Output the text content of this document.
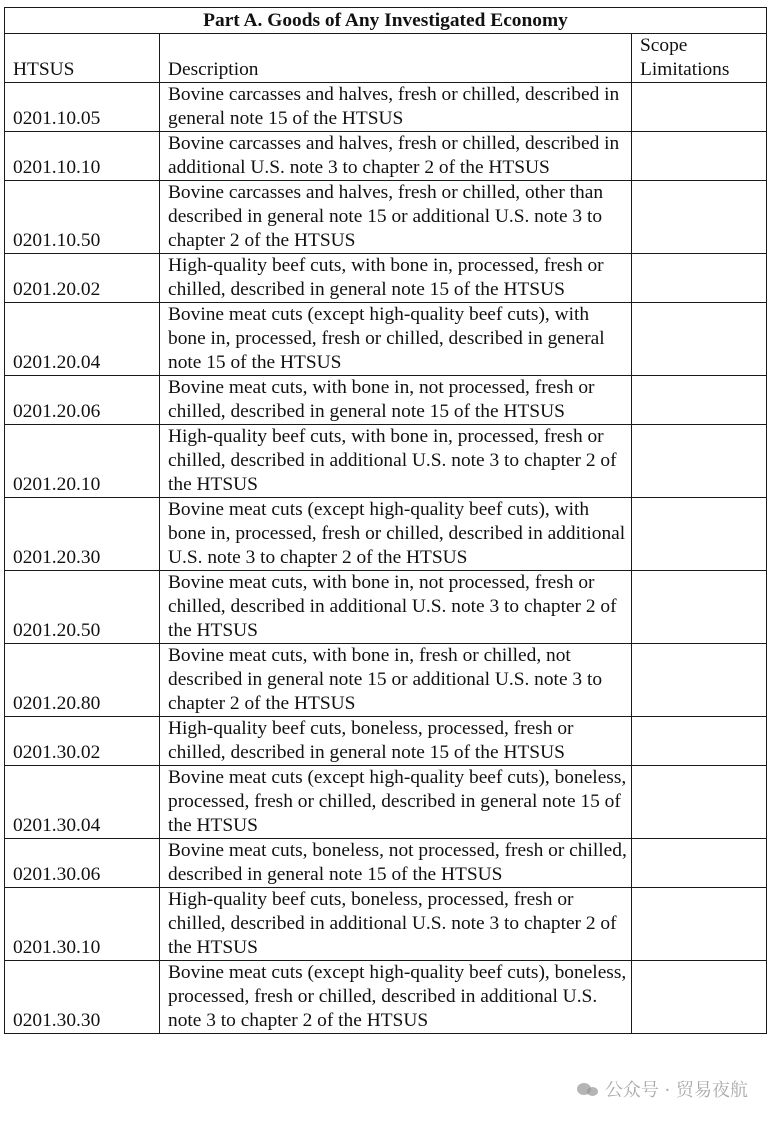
Part A. Goods of Any Investigated Economy		
HTSUS	Description	Scope Limitations
0201.10.05	Bovine carcasses and halves, fresh or chilled, described in general note 15 of the HTSUS	
0201.10.10	Bovine carcasses and halves, fresh or chilled, described in additional U.S. note 3 to chapter 2 of the HTSUS	
0201.10.50	Bovine carcasses and halves, fresh or chilled, other than described in general note 15 or additional U.S. note 3 to chapter 2 of the HTSUS	
0201.20.02	High-quality beef cuts, with bone in, processed, fresh or chilled, described in general note 15 of the HTSUS	
0201.20.04	Bovine meat cuts (except high-quality beef cuts), with bone in, processed, fresh or chilled, described in general note 15 of the HTSUS	
0201.20.06	Bovine meat cuts, with bone in, not processed, fresh or chilled, described in general note 15 of the HTSUS	
0201.20.10	High-quality beef cuts, with bone in, processed, fresh or chilled, described in additional U.S. note 3 to chapter 2 of the HTSUS	
0201.20.30	Bovine meat cuts (except high-quality beef cuts), with bone in, processed, fresh or chilled, described in additional U.S. note 3 to chapter 2 of the HTSUS	
0201.20.50	Bovine meat cuts, with bone in, not processed, fresh or chilled, described in additional U.S. note 3 to chapter 2 of the HTSUS	
0201.20.80	Bovine meat cuts, with bone in, fresh or chilled, not described in general note 15 or additional U.S. note 3 to chapter 2 of the HTSUS	
0201.30.02	High-quality beef cuts, boneless, processed, fresh or chilled, described in general note 15 of the HTSUS	
0201.30.04	Bovine meat cuts (except high-quality beef cuts), boneless, processed, fresh or chilled, described in general note 15 of the HTSUS	
0201.30.06	Bovine meat cuts, boneless, not processed, fresh or chilled, described in general note 15 of the HTSUS	
0201.30.10	High-quality beef cuts, boneless, processed, fresh or chilled, described in additional U.S. note 3 to chapter 2 of the HTSUS	
0201.30.30	Bovine meat cuts (except high-quality beef cuts), boneless, processed, fresh or chilled, described in additional U.S. note 3 to chapter 2 of the HTSUS	
公众号 · 贸易夜航
